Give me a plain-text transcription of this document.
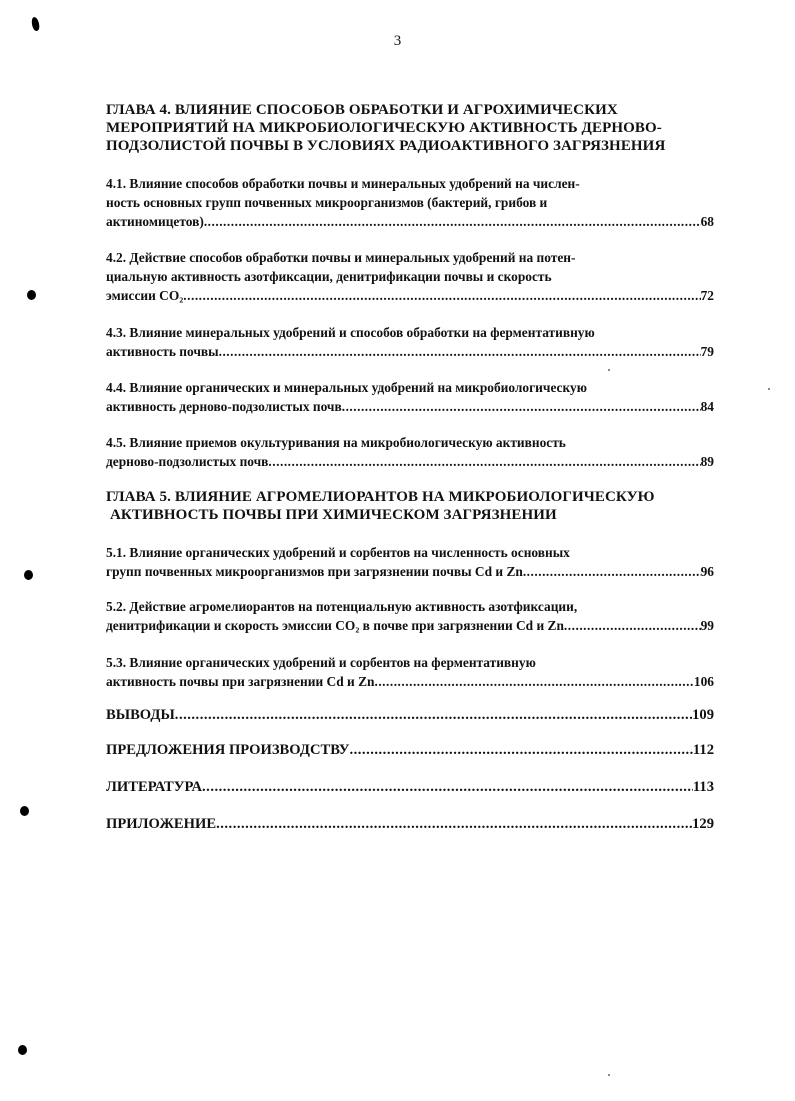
3
ГЛАВА 4. ВЛИЯНИЕ СПОСОБОВ ОБРАБОТКИ И АГРОХИМИЧЕСКИХ
МЕРОПРИЯТИЙ НА МИКРОБИОЛОГИЧЕСКУЮ АКТИВНОСТЬ ДЕРНОВО-
ПОДЗОЛИСТОЙ ПОЧВЫ В УСЛОВИЯХ РАДИОАКТИВНОГО ЗАГРЯЗНЕНИЯ
4.1. Влияние способов обработки почвы и минеральных удобрений на числен-
ность основных групп почвенных микроорганизмов (бактерий, грибов и
актиномицетов) .....	68
4.2. Действие способов обработки почвы и минеральных удобрений на потен-
циальную активность азотфиксации, денитрификации почвы и скорость
эмиссии CO₂ .....	72
4.3. Влияние минеральных удобрений и способов обработки на ферментативную
активность почвы .....	79
4.4. Влияние органических и минеральных удобрений на микробиологическую
активность дерново-подзолистых почв .....	84
4.5. Влияние приемов окультуривания на микробиологическую активность
дерново-подзолистых почв .....	89
ГЛАВА 5. ВЛИЯНИЕ АГРОМЕЛИОРАНТОВ НА МИКРОБИОЛОГИЧЕСКУЮ
АКТИВНОСТЬ ПОЧВЫ ПРИ ХИМИЧЕСКОМ ЗАГРЯЗНЕНИИ
5.1. Влияние органических удобрений и сорбентов на численность основных
групп почвенных микроорганизмов при загрязнении почвы Cd и Zn .....	96
5.2. Действие агромелиорантов на потенциальную активность азотфиксации,
денитрификации и скорость эмиссии CO₂ в почве при загрязнении Cd и Zn .....	99
5.3. Влияние органических удобрений и сорбентов на ферментативную
активность почвы при загрязнении Cd и Zn .....	106
ВЫВОДЫ .....	109
ПРЕДЛОЖЕНИЯ ПРОИЗВОДСТВУ .....	112
ЛИТЕРАТУРА .....	113
ПРИЛОЖЕНИЕ .....	129
